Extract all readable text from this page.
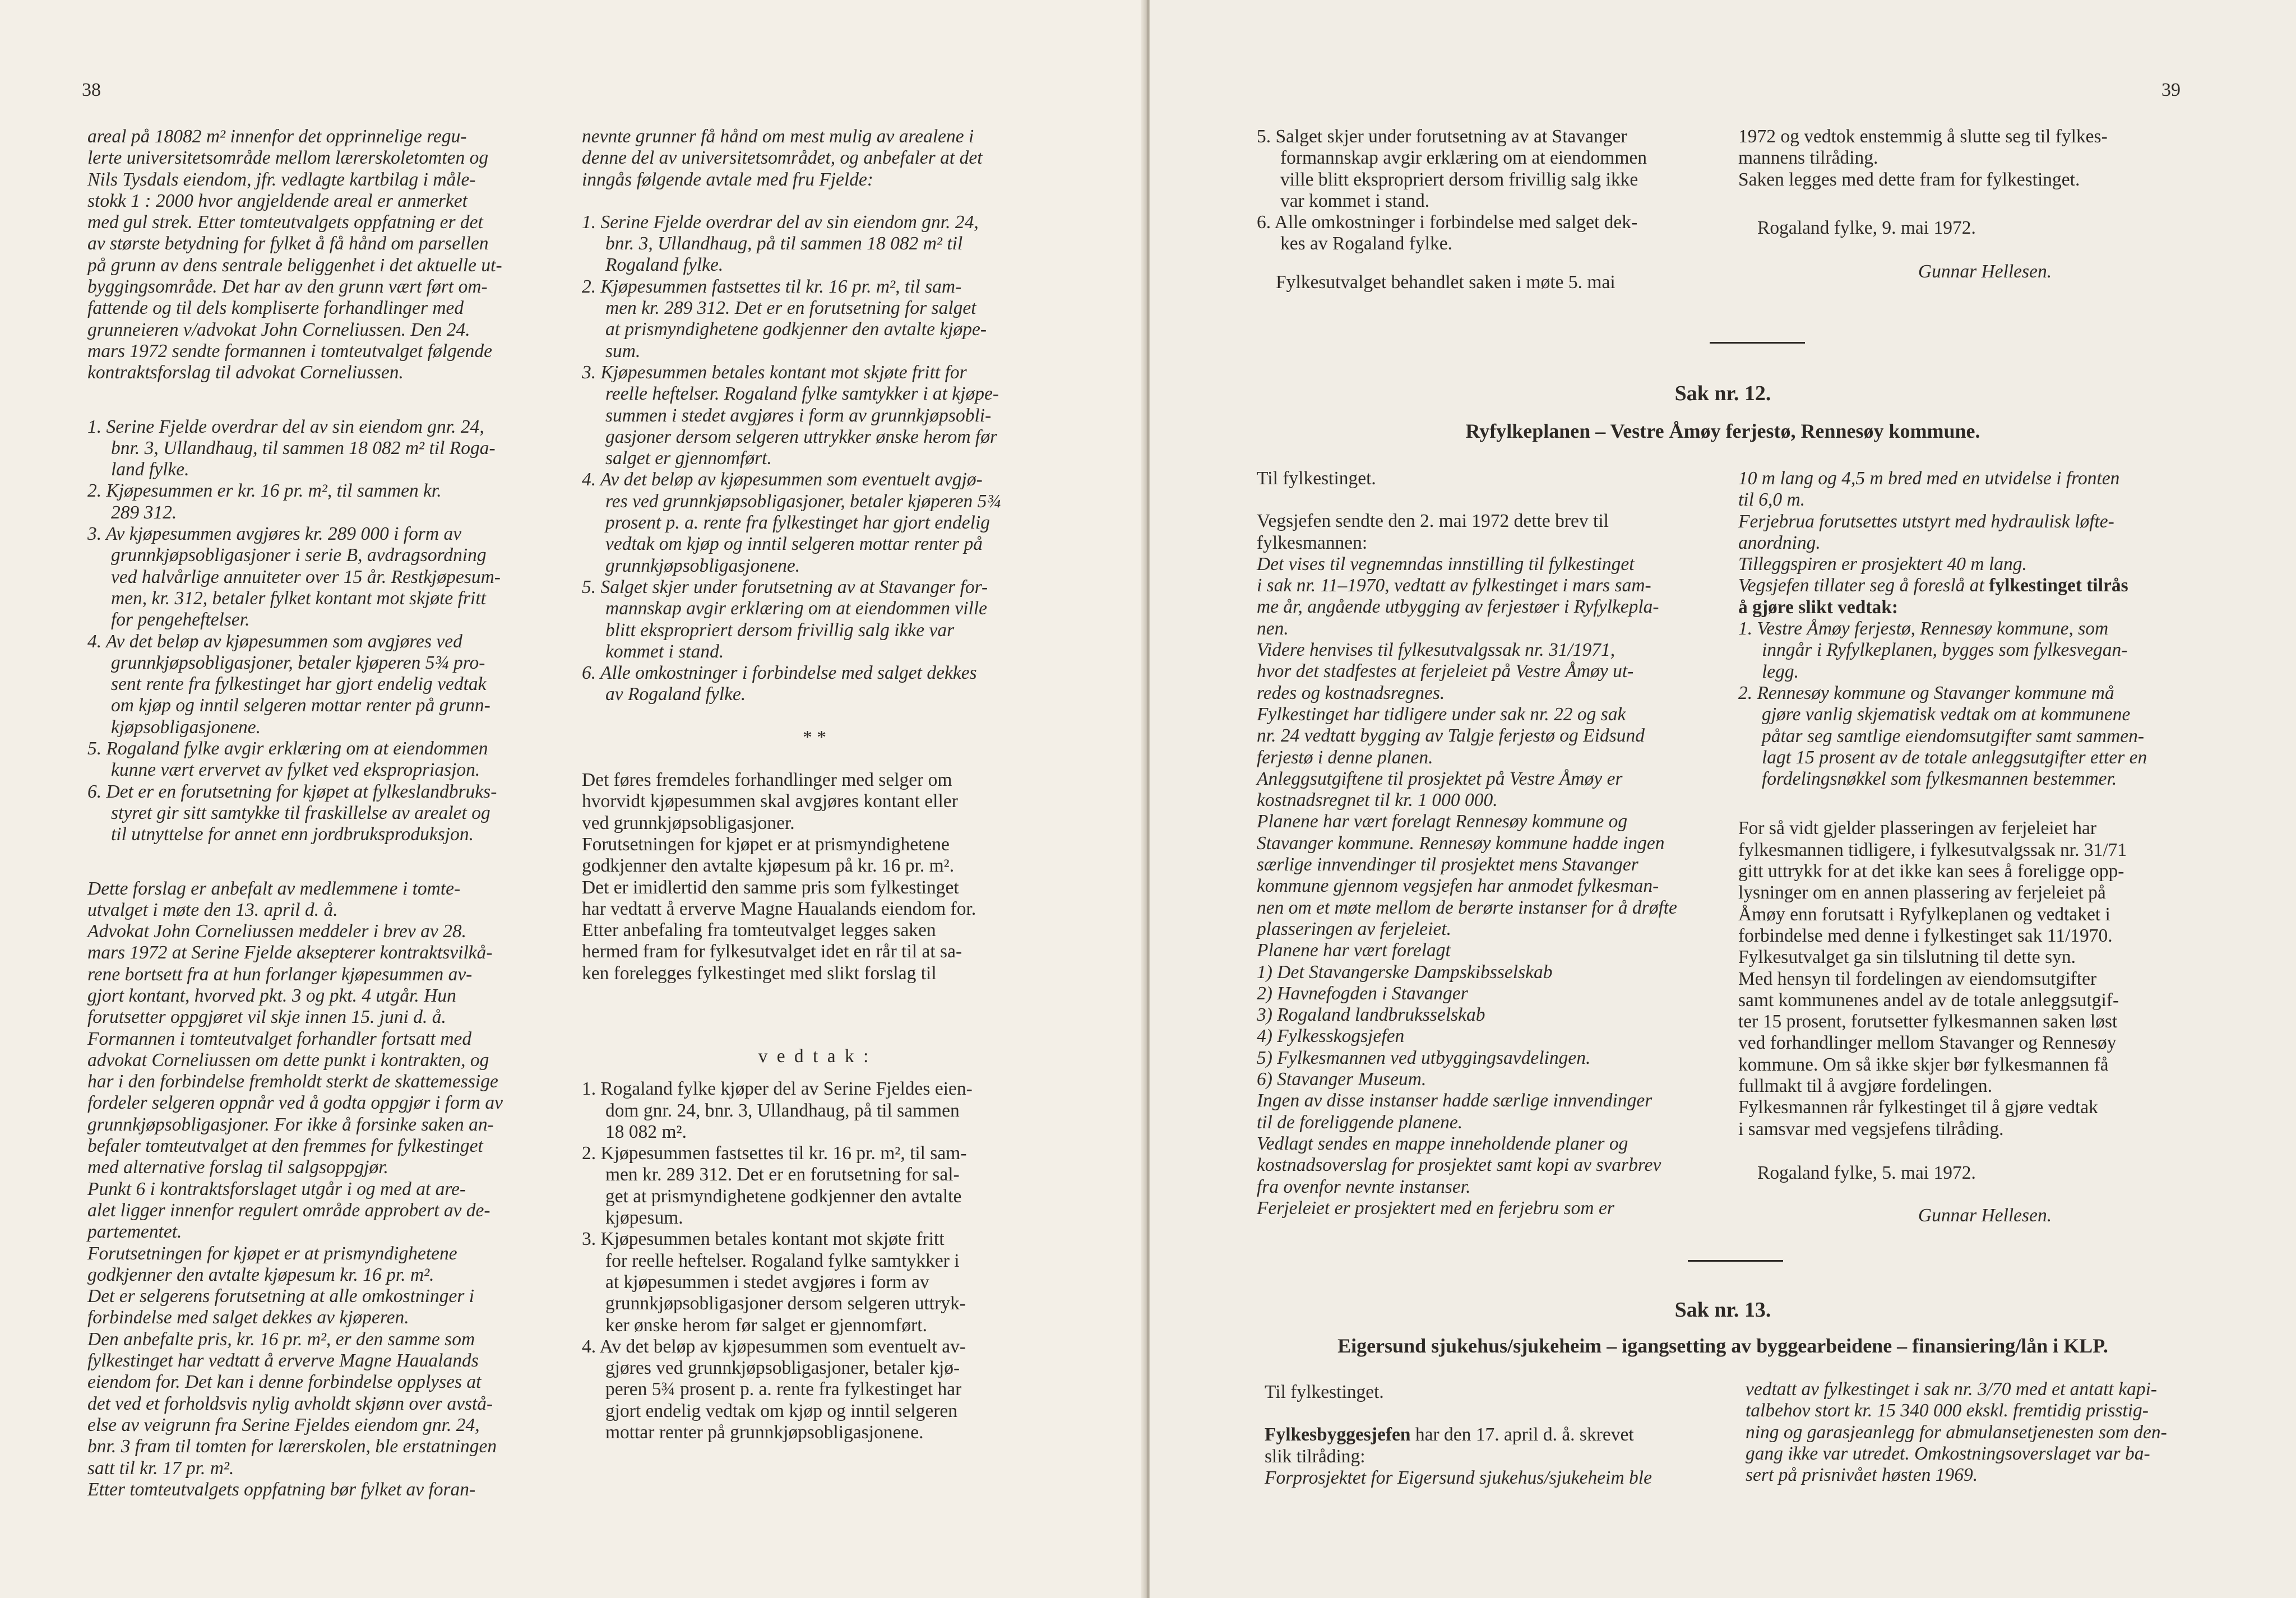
38

areal på 18082 m² innenfor det opprinnelige regu-

lerte universitetsområde mellom lærerskoletomten og

Nils Tysdals eiendom, jfr. vedlagte kartbilag i måle-

stokk 1 : 2000 hvor angjeldende areal er anmerket

med gul strek. Etter tomteutvalgets oppfatning er det

av største betydning for fylket å få hånd om parsellen

på grunn av dens sentrale beliggenhet i det aktuelle ut-

byggingsområde. Det har av den grunn vært ført om-

fattende og til dels kompliserte forhandlinger med

grunneieren v/advokat John Corneliussen. Den 24.

mars 1972 sendte formannen i tomteutvalget følgende

kontraktsforslag til advokat Corneliussen.

1. Serine Fjelde overdrar del av sin eiendom gnr. 24,

bnr. 3, Ullandhaug, til sammen 18 082 m² til Roga-

land fylke.

2. Kjøpesummen er kr. 16 pr. m², til sammen kr.

289 312.

3. Av kjøpesummen avgjøres kr. 289 000 i form av

grunnkjøpsobligasjoner i serie B, avdragsordning

ved halvårlige annuiteter over 15 år. Restkjøpesum-

men, kr. 312, betaler fylket kontant mot skjøte fritt

for pengeheftelser.

4. Av det beløp av kjøpesummen som avgjøres ved

grunnkjøpsobligasjoner, betaler kjøperen 5¾ pro-

sent rente fra fylkestinget har gjort endelig vedtak

om kjøp og inntil selgeren mottar renter på grunn-

kjøpsobligasjonene.

5. Rogaland fylke avgir erklæring om at eiendommen

kunne vært ervervet av fylket ved ekspropriasjon.

6. Det er en forutsetning for kjøpet at fylkeslandbruks-

styret gir sitt samtykke til fraskillelse av arealet og

til utnyttelse for annet enn jordbruksproduksjon.

Dette forslag er anbefalt av medlemmene i tomte-

utvalget i møte den 13. april d. å.

Advokat John Corneliussen meddeler i brev av 28.

mars 1972 at Serine Fjelde aksepterer kontraktsvilkå-

rene bortsett fra at hun forlanger kjøpesummen av-

gjort kontant, hvorved pkt. 3 og pkt. 4 utgår. Hun

forutsetter oppgjøret vil skje innen 15. juni d. å.

Formannen i tomteutvalget forhandler fortsatt med

advokat Corneliussen om dette punkt i kontrakten, og

har i den forbindelse fremholdt sterkt de skattemessige

fordeler selgeren oppnår ved å godta oppgjør i form av

grunnkjøpsobligasjoner. For ikke å forsinke saken an-

befaler tomteutvalget at den fremmes for fylkestinget

med alternative forslag til salgsoppgjør.

Punkt 6 i kontraktsforslaget utgår i og med at are-

alet ligger innenfor regulert område approbert av de-

partementet.

Forutsetningen for kjøpet er at prismyndighetene

godkjenner den avtalte kjøpesum kr. 16 pr. m².

Det er selgerens forutsetning at alle omkostninger i

forbindelse med salget dekkes av kjøperen.

Den anbefalte pris, kr. 16 pr. m², er den samme som

fylkestinget har vedtatt å erverve Magne Haualands

eiendom for. Det kan i denne forbindelse opplyses at

det ved et forholdsvis nylig avholdt skjønn over avstå-

else av veigrunn fra Serine Fjeldes eiendom gnr. 24,

bnr. 3 fram til tomten for lærerskolen, ble erstatningen

satt til kr. 17 pr. m².

Etter tomteutvalgets oppfatning bør fylket av foran-

nevnte grunner få hånd om mest mulig av arealene i

denne del av universitetsområdet, og anbefaler at det

inngås følgende avtale med fru Fjelde:

1. Serine Fjelde overdrar del av sin eiendom gnr. 24,

bnr. 3, Ullandhaug, på til sammen 18 082 m² til

Rogaland fylke.

2. Kjøpesummen fastsettes til kr. 16 pr. m², til sam-

men kr. 289 312. Det er en forutsetning for salget

at prismyndighetene godkjenner den avtalte kjøpe-

sum.

3. Kjøpesummen betales kontant mot skjøte fritt for

reelle heftelser. Rogaland fylke samtykker i at kjøpe-

summen i stedet avgjøres i form av grunnkjøpsobli-

gasjoner dersom selgeren uttrykker ønske herom før

salget er gjennomført.

4. Av det beløp av kjøpesummen som eventuelt avgjø-

res ved grunnkjøpsobligasjoner, betaler kjøperen 5¾

prosent p. a. rente fra fylkestinget har gjort endelig

vedtak om kjøp og inntil selgeren mottar renter på

grunnkjøpsobligasjonene.

5. Salget skjer under forutsetning av at Stavanger for-

mannskap avgir erklæring om at eiendommen ville

blitt ekspropriert dersom frivillig salg ikke var

kommet i stand.

6. Alle omkostninger i forbindelse med salget dekkes

av Rogaland fylke.

* *

Det føres fremdeles forhandlinger med selger om

hvorvidt kjøpesummen skal avgjøres kontant eller

ved grunnkjøpsobligasjoner.

Forutsetningen for kjøpet er at prismyndighetene

godkjenner den avtalte kjøpesum på kr. 16 pr. m².

Det er imidlertid den samme pris som fylkestinget

har vedtatt å erverve Magne Haualands eiendom for.

Etter anbefaling fra tomteutvalget legges saken

hermed fram for fylkesutvalget idet en rår til at sa-

ken forelegges fylkestinget med slikt forslag til

v e d t a k :

1. Rogaland fylke kjøper del av Serine Fjeldes eien-

dom gnr. 24, bnr. 3, Ullandhaug, på til sammen

18 082 m².

2. Kjøpesummen fastsettes til kr. 16 pr. m², til sam-

men kr. 289 312. Det er en forutsetning for sal-

get at prismyndighetene godkjenner den avtalte

kjøpesum.

3. Kjøpesummen betales kontant mot skjøte fritt

for reelle heftelser. Rogaland fylke samtykker i

at kjøpesummen i stedet avgjøres i form av

grunnkjøpsobligasjoner dersom selgeren uttryk-

ker ønske herom før salget er gjennomført.

4. Av det beløp av kjøpesummen som eventuelt av-

gjøres ved grunnkjøpsobligasjoner, betaler kjø-

peren 5¾ prosent p. a. rente fra fylkestinget har

gjort endelig vedtak om kjøp og inntil selgeren

mottar renter på grunnkjøpsobligasjonene.

39

5. Salget skjer under forutsetning av at Stavanger

formannskap avgir erklæring om at eiendommen

ville blitt ekspropriert dersom frivillig salg ikke

var kommet i stand.

6. Alle omkostninger i forbindelse med salget dek-

kes av Rogaland fylke.

Fylkesutvalget behandlet saken i møte 5. mai

1972 og vedtok enstemmig å slutte seg til fylkes-

mannens tilråding.

Saken legges med dette fram for fylkestinget.

Rogaland fylke, 9. mai 1972.

Gunnar Hellesen.

Sak nr. 12.
Ryfylkeplanen – Vestre Åmøy ferjestø, Rennesøy kommune.

Til fylkestinget.

Vegsjefen sendte den 2. mai 1972 dette brev til

fylkesmannen:

Det vises til vegnemndas innstilling til fylkestinget

i sak nr. 11–1970, vedtatt av fylkestinget i mars sam-

me år, angående utbygging av ferjestøer i Ryfylkepla-

nen.

Videre henvises til fylkesutvalgssak nr. 31/1971,

hvor det stadfestes at ferjeleiet på Vestre Åmøy ut-

redes og kostnadsregnes.

Fylkestinget har tidligere under sak nr. 22 og sak

nr. 24 vedtatt bygging av Talgje ferjestø og Eidsund

ferjestø i denne planen.

Anleggsutgiftene til prosjektet på Vestre Åmøy er

kostnadsregnet til kr. 1 000 000.

Planene har vært forelagt Rennesøy kommune og

Stavanger kommune. Rennesøy kommune hadde ingen

særlige innvendinger til prosjektet mens Stavanger

kommune gjennom vegsjefen har anmodet fylkesman-

nen om et møte mellom de berørte instanser for å drøfte

plasseringen av ferjeleiet.

Planene har vært forelagt

1) Det Stavangerske Dampskibsselskab

2) Havnefogden i Stavanger

3) Rogaland landbruksselskab

4) Fylkesskogsjefen

5) Fylkesmannen ved utbyggingsavdelingen.

6) Stavanger Museum.

Ingen av disse instanser hadde særlige innvendinger

til de foreliggende planene.

Vedlagt sendes en mappe inneholdende planer og

kostnadsoverslag for prosjektet samt kopi av svarbrev

fra ovenfor nevnte instanser.

Ferjeleiet er prosjektert med en ferjebru som er

10 m lang og 4,5 m bred med en utvidelse i fronten

til 6,0 m.

Ferjebrua forutsettes utstyrt med hydraulisk løfte-

anordning.

Tilleggspiren er prosjektert 40 m lang.

Vegsjefen tillater seg å foreslå at fylkestinget tilrås

å gjøre slikt vedtak:

1. Vestre Åmøy ferjestø, Rennesøy kommune, som

inngår i Ryfylkeplanen, bygges som fylkesvegan-

legg.

2. Rennesøy kommune og Stavanger kommune må

gjøre vanlig skjematisk vedtak om at kommunene

påtar seg samtlige eiendomsutgifter samt sammen-

lagt 15 prosent av de totale anleggsutgifter etter en

fordelingsnøkkel som fylkesmannen bestemmer.

For så vidt gjelder plasseringen av ferjeleiet har

fylkesmannen tidligere, i fylkesutvalgssak nr. 31/71

gitt uttrykk for at det ikke kan sees å foreligge opp-

lysninger om en annen plassering av ferjeleiet på

Åmøy enn forutsatt i Ryfylkeplanen og vedtaket i

forbindelse med denne i fylkestinget sak 11/1970.

Fylkesutvalget ga sin tilslutning til dette syn.

Med hensyn til fordelingen av eiendomsutgifter

samt kommunenes andel av de totale anleggsutgif-

ter 15 prosent, forutsetter fylkesmannen saken løst

ved forhandlinger mellom Stavanger og Rennesøy

kommune. Om så ikke skjer bør fylkesmannen få

fullmakt til å avgjøre fordelingen.

Fylkesmannen rår fylkestinget til å gjøre vedtak

i samsvar med vegsjefens tilråding.

Rogaland fylke, 5. mai 1972.

Gunnar Hellesen.

Sak nr. 13.
Eigersund sjukehus/sjukeheim – igangsetting av byggearbeidene – finansiering/lån i KLP.

Til fylkestinget.

Fylkesbyggesjefen har den 17. april d. å. skrevet

slik tilråding:

Forprosjektet for Eigersund sjukehus/sjukeheim ble

vedtatt av fylkestinget i sak nr. 3/70 med et antatt kapi-

talbehov stort kr. 15 340 000 ekskl. fremtidig prisstig-

ning og garasjeanlegg for abmulansetjenesten som den-

gang ikke var utredet. Omkostningsoverslaget var ba-

sert på prisnivået høsten 1969.
